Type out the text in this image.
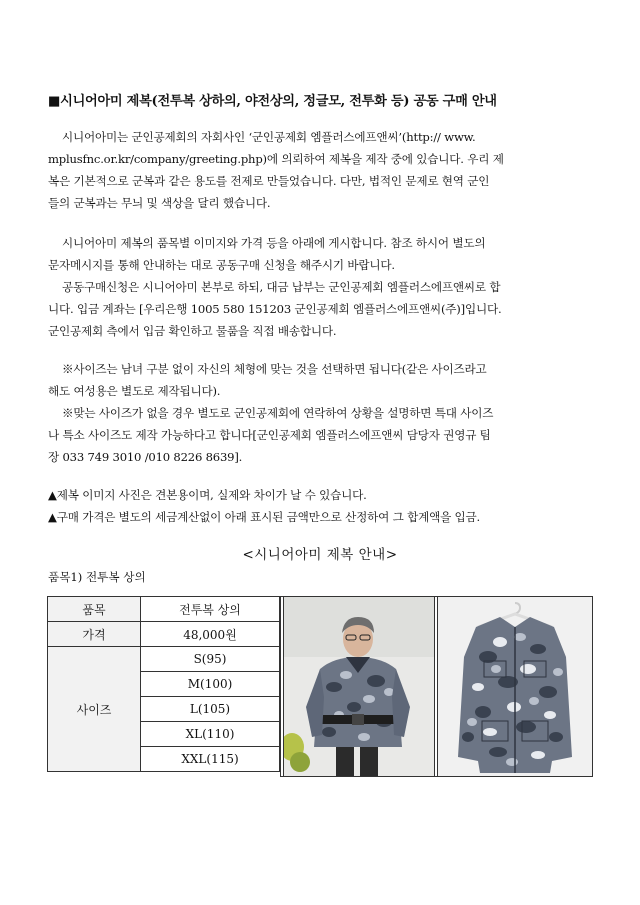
■시니어아미 제복(전투복 상하의, 야전상의, 정글모, 전투화 등) 공동 구매 안내
시니어아미는 군인공제회의 자회사인 ‘군인공제회 엠플러스에프앤씨’(http:// www.
mplusfnc.or.kr/company/greeting.php)에 의뢰하여 제복을 제작 중에 있습니다. 우리 제
복은 기본적으로 군복과 같은 용도를 전제로 만들었습니다. 다만, 법적인 문제로 현역 군인
들의 군복과는 무늬 및 색상을 달리 했습니다.
시니어아미 제복의 품목별 이미지와 가격 등을 아래에 게시합니다. 참조 하시어 별도의
문자메시지를 통해 안내하는 대로 공동구매 신청을 해주시기 바랍니다.
공동구매신청은 시니어아미 본부로 하되, 대금 납부는 군인공제회 엠플러스에프앤씨로 합
니다. 입금 계좌는 [우리은행 1005 580 151203 군인공제회 엠플러스에프앤씨(주)]입니다.
군인공제회 측에서 입금 확인하고 물품을 직접 배송합니다.
※사이즈는 남녀 구분 없이 자신의 체형에 맞는 것을 선택하면 됩니다(같은 사이즈라고
해도 여성용은 별도로 제작됩니다).
※맞는 사이즈가 없을 경우 별도로 군인공제회에 연락하여 상황을 설명하면 특대 사이즈
나 특소 사이즈도 제작 가능하다고 합니다[군인공제회 엠플러스에프앤씨 담당자 권영규 팀
장 033 749 3010 /010 8226 8639].
▲제복 이미지 사진은 견본용이며, 실제와 차이가 날 수 있습니다.
▲구매 가격은 별도의 세금계산없이 아래 표시된 금액만으로 산정하여 그 합계액을 입금.
<시니어아미 제복 안내>
품목1) 전투복 상의
품목	전투복 상의
가격	48,000원
사이즈	S(95)
	M(100)
	L(105)
	XL(110)
	XXL(115)
